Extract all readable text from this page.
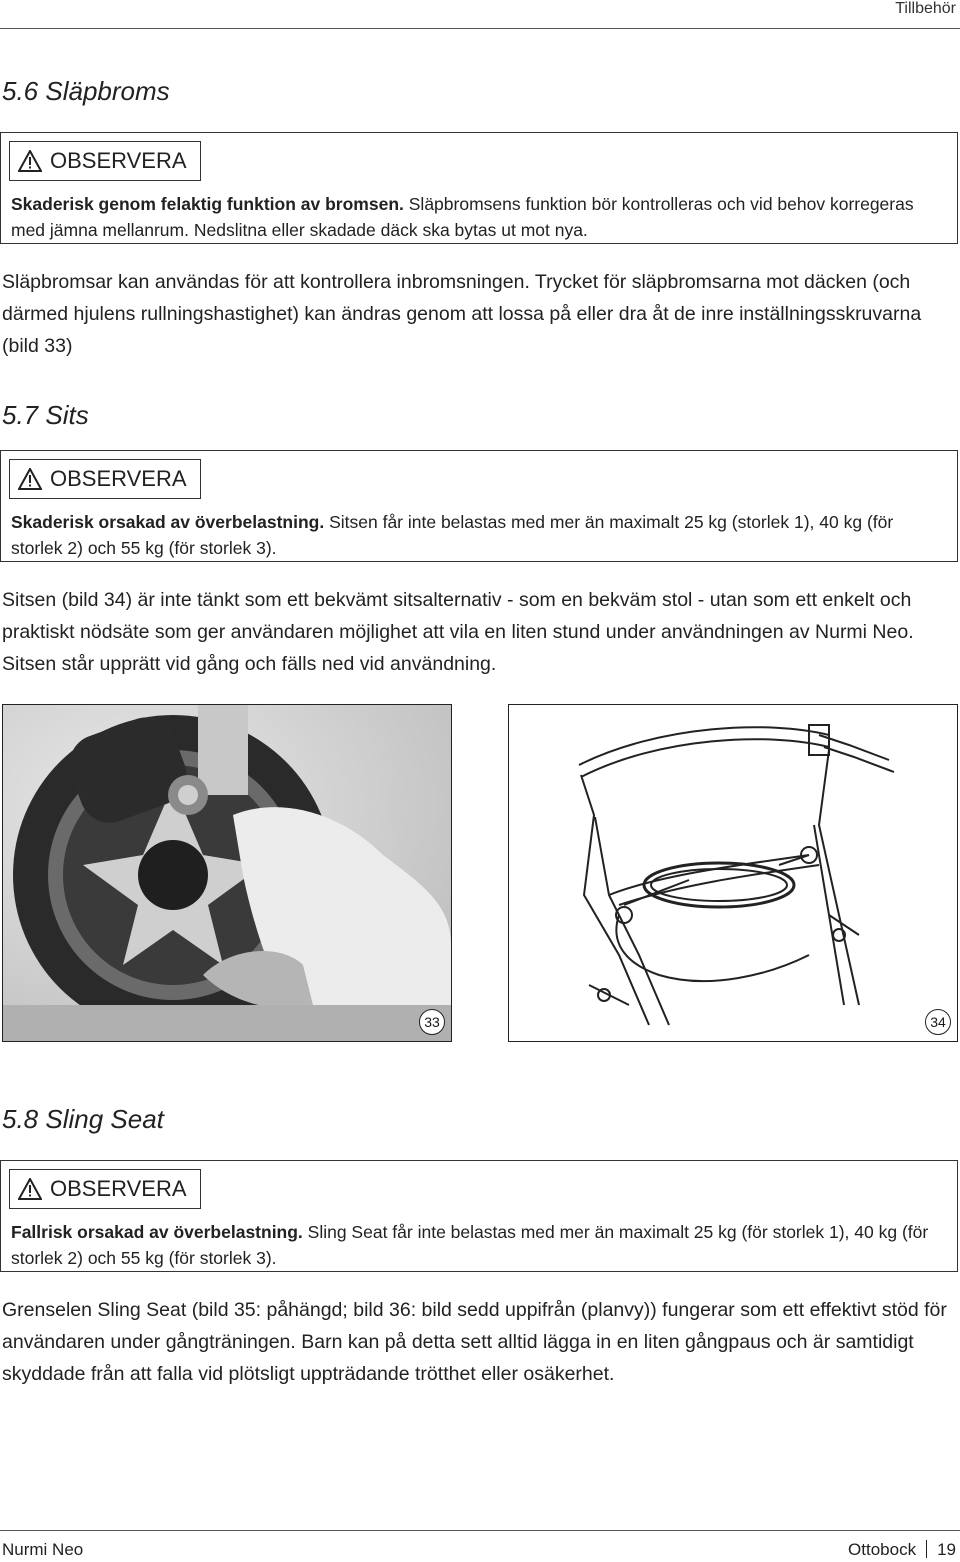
Tillbehör
5.6 Släpbroms
OBSERVERA
Skaderisk genom felaktig funktion av bromsen. Släpbromsens funktion bör kontrolleras och vid behov korregeras med jämna mellanrum. Nedslitna eller skadade däck ska bytas ut mot nya.

Släpbromsar kan användas för att kontrollera inbromsningen. Trycket för släpbromsarna mot däcken (och därmed hjulens rullningshastighet) kan ändras genom att lossa på eller dra åt de inre inställningsskruvarna (bild 33)

5.7 Sits
OBSERVERA
Skaderisk orsakad av överbelastning. Sitsen får inte belastas med mer än maximalt 25 kg (storlek 1), 40 kg (för storlek 2) och 55 kg (för storlek 3).

Sitsen (bild 34) är inte tänkt som ett bekvämt sitsalternativ - som en bekväm stol - utan som ett enkelt och praktiskt nödsäte som ger användaren möjlighet att vila en liten stund under användningen av Nurmi Neo. Sitsen står upprätt vid gång och fälls ned vid användning.

33	34
5.8 Sling Seat
OBSERVERA
Fallrisk orsakad av överbelastning. Sling Seat får inte belastas med mer än maximalt 25 kg (för storlek 1), 40 kg (för storlek 2) och 55 kg (för storlek 3).

Grenselen Sling Seat (bild 35: påhängd; bild 36: bild sedd uppifrån (planvy)) fungerar som ett effektivt stöd för användaren under gångträningen. Barn kan på detta sett alltid lägga in en liten gångpaus och är samtidigt skyddade från att falla vid plötsligt uppträdande trötthet eller osäkerhet.

Nurmi Neo	Ottobock 19
